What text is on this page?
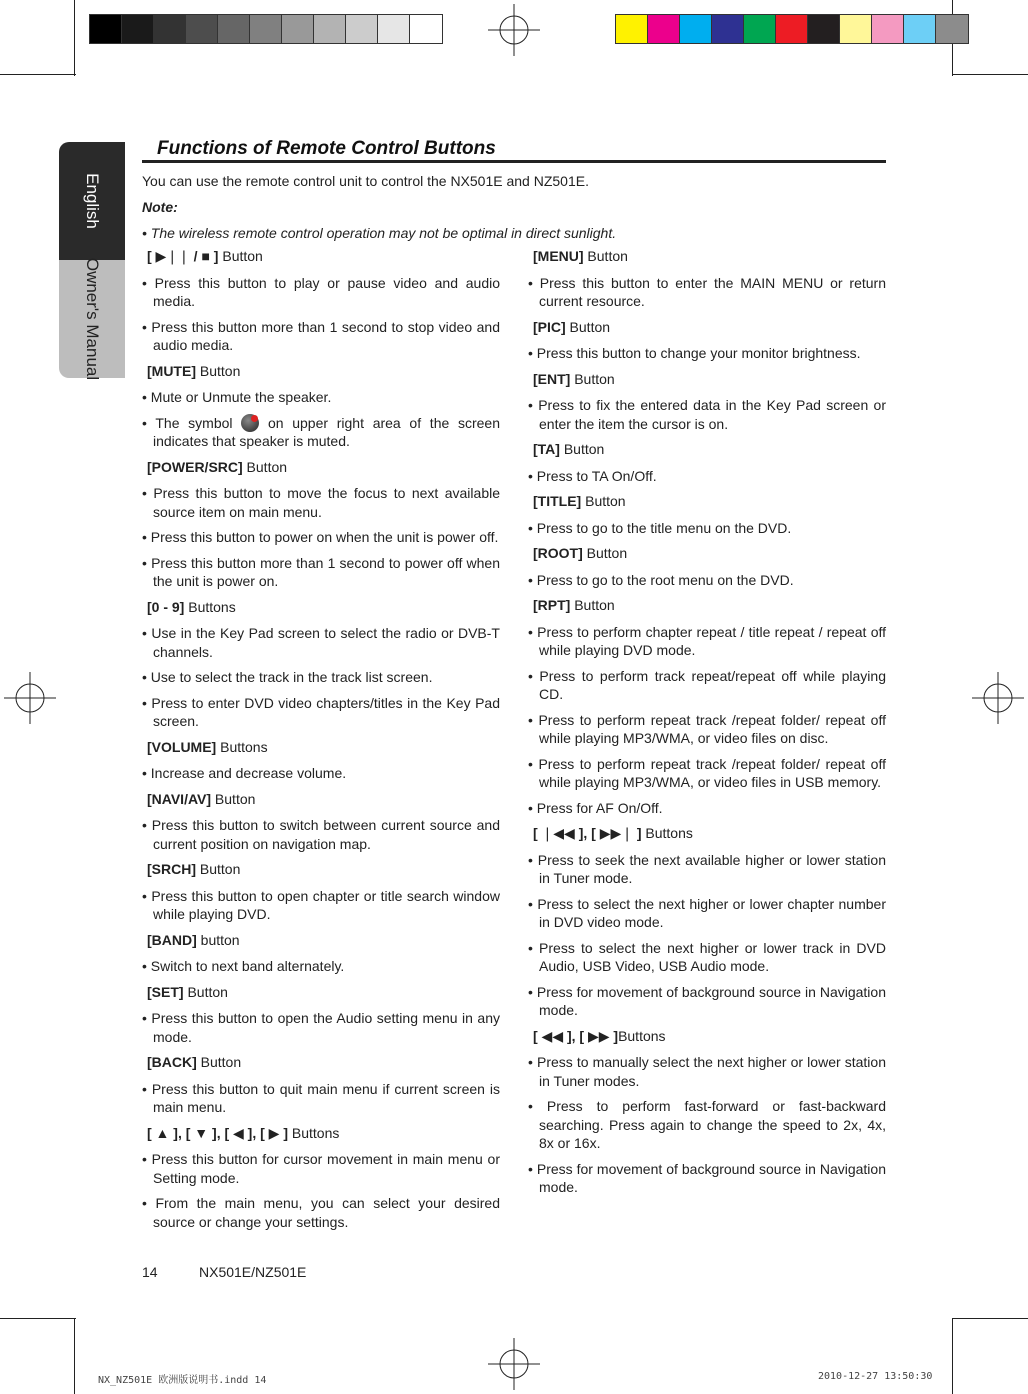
English
Owner's Manual
Functions of Remote Control Buttons
You can use the remote control unit to control the NX501E and NZ501E.
Note:
• The wireless remote control operation may not be optimal in direct sunlight.
[ ▶❘❘ / ■ ] Button
• Press this button to play or pause video and audio media.
• Press this button more than 1 second to stop video and audio media.
[MUTE] Button
• Mute or Unmute the speaker.
• The symbol  on upper right area of the screen indicates that speaker is muted.
[POWER/SRC] Button
• Press this button to move the focus to next available source item on main menu.
• Press this button to power on when the unit is power off.
• Press this button more than 1 second to power off when the unit is power on.
[0 - 9] Buttons
• Use in the Key Pad screen to select the radio or DVB-T channels.
• Use to select the track in the track list screen.
• Press to enter DVD video chapters/titles in the Key Pad screen.
[VOLUME] Buttons
• Increase and decrease volume.
[NAVI/AV] Button
• Press this button to switch between current source and current position on navigation map.
[SRCH] Button
• Press this button to open chapter or title search window while playing DVD.
[BAND] button
• Switch to next band alternately.
[SET] Button
• Press this button to open the Audio setting menu in any mode.
[BACK] Button
• Press this button to quit main menu if current screen is main menu.
[ ▲ ], [ ▼ ], [ ◀ ], [ ▶ ] Buttons
• Press this button for cursor movement in main menu or Setting mode.
• From the main menu, you can select your desired source or change your settings.
[MENU] Button
• Press this button to enter the MAIN MENU or return current resource.
[PIC] Button
• Press this button to change your monitor brightness.
[ENT] Button
• Press to fix the entered data in the Key Pad screen or enter the item the cursor is on.
[TA] Button
• Press to TA On/Off.
[TITLE] Button
• Press to go to the title menu on the DVD.
[ROOT] Button
• Press to go to the root menu on the DVD.
[RPT] Button
• Press to perform chapter repeat / title repeat / repeat off while playing DVD mode.
• Press to perform track repeat/repeat off while playing CD.
• Press to perform repeat track /repeat folder/ repeat off while playing MP3/WMA, or video files on disc.
• Press to perform repeat track /repeat folder/ repeat off while playing MP3/WMA, or video files in USB memory.
• Press for AF On/Off.
[ ❘◀◀ ], [ ▶▶❘ ] Buttons
• Press to seek the next available higher or lower station in Tuner mode.
• Press to select the next higher or lower chapter number in DVD video mode.
• Press to select the next higher or lower track in DVD Audio, USB Video, USB Audio mode.
• Press for movement of background source in Navigation mode.
[ ◀◀ ], [ ▶▶ ]Buttons
• Press to manually select the next higher or lower station in Tuner modes.
• Press to perform fast-forward or fast-backward searching. Press again to change the speed to 2x, 4x, 8x or 16x.
• Press for movement of background source in Navigation mode.
14	NX501E/NZ501E
NX_NZ501E 欧洲版说明书.indd 14	2010-12-27 13:50:30
